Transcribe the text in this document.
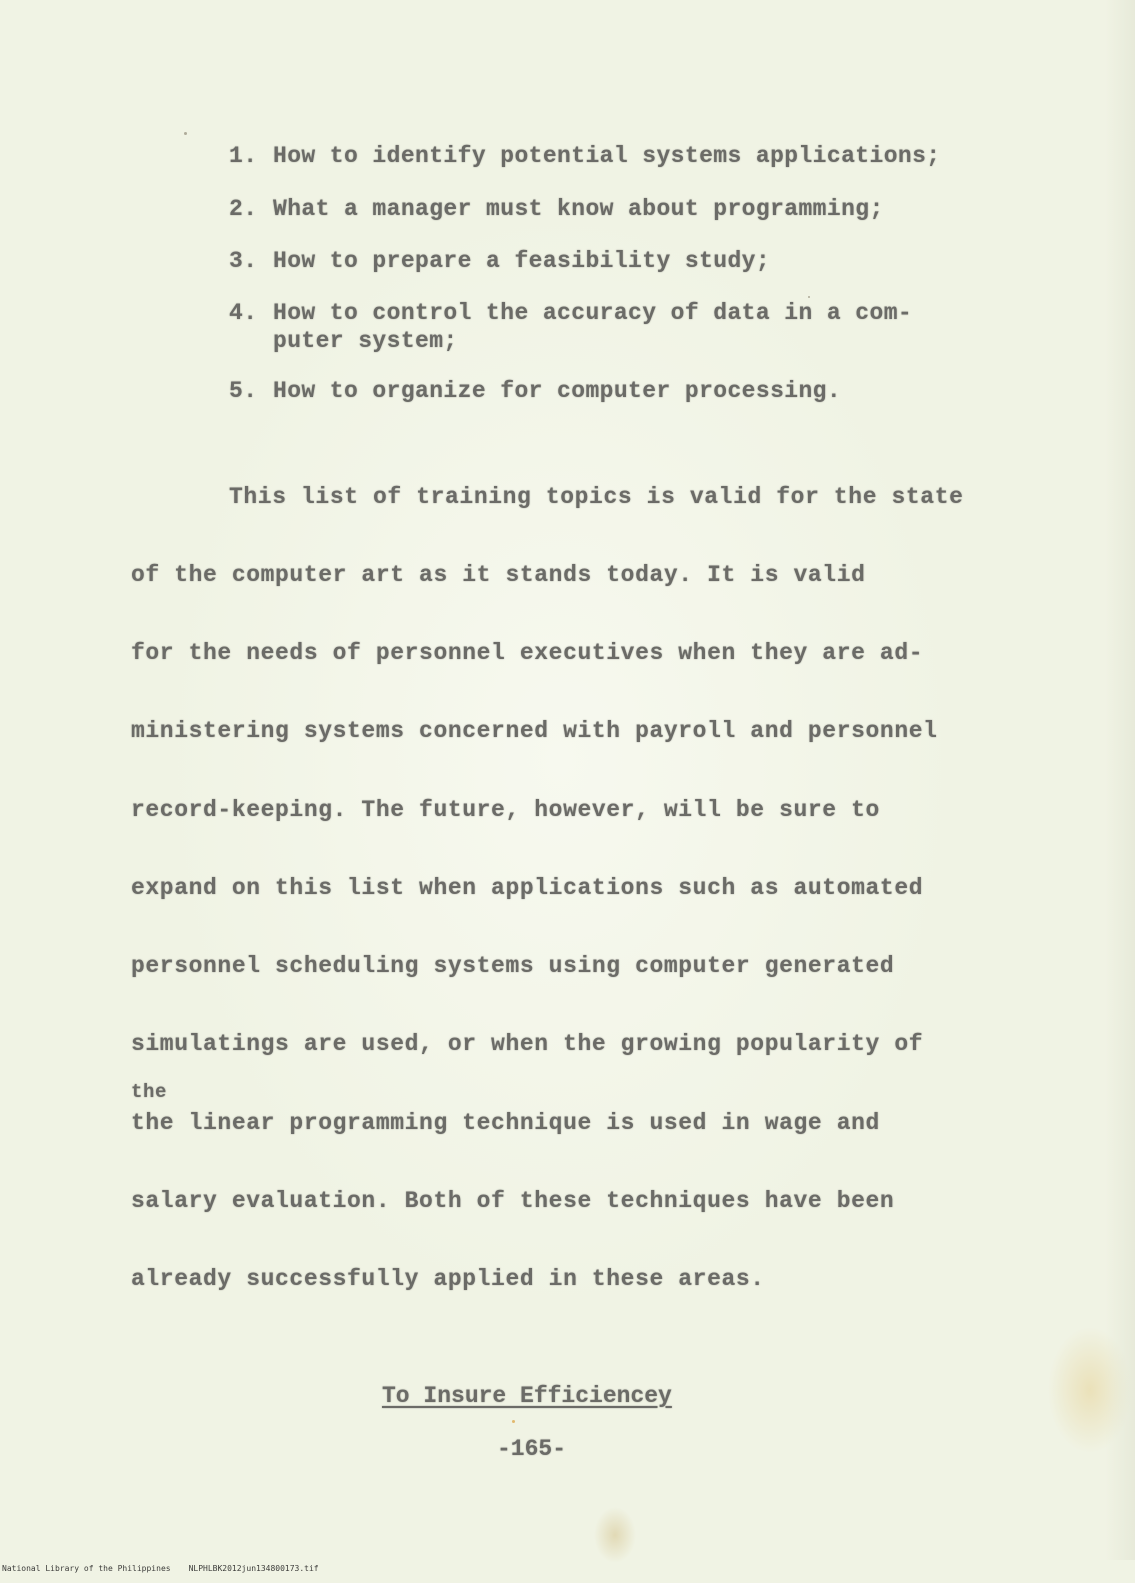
1. How to identify potential systems applications;
2. What a manager must know about programming;
3. How to prepare a feasibility study;
4. How to control the accuracy of data in a com-
puter system;
5. How to organize for computer processing.
This list of training topics is valid for the state
of the computer art as it stands today. It is valid
for the needs of personnel executives when they are ad-
ministering systems concerned with payroll and personnel
record-keeping. The future, however, will be sure to
expand on this list when applications such as automated
personnel scheduling systems using computer generated
simulatings are used, or when the growing popularity of
the
the linear programming technique is used in wage and
salary evaluation. Both of these techniques have been
already successfully applied in these areas.
To Insure Efficiencey
-165-
National Library of the Philippines NLPHLBK2012jun134800173.tif
